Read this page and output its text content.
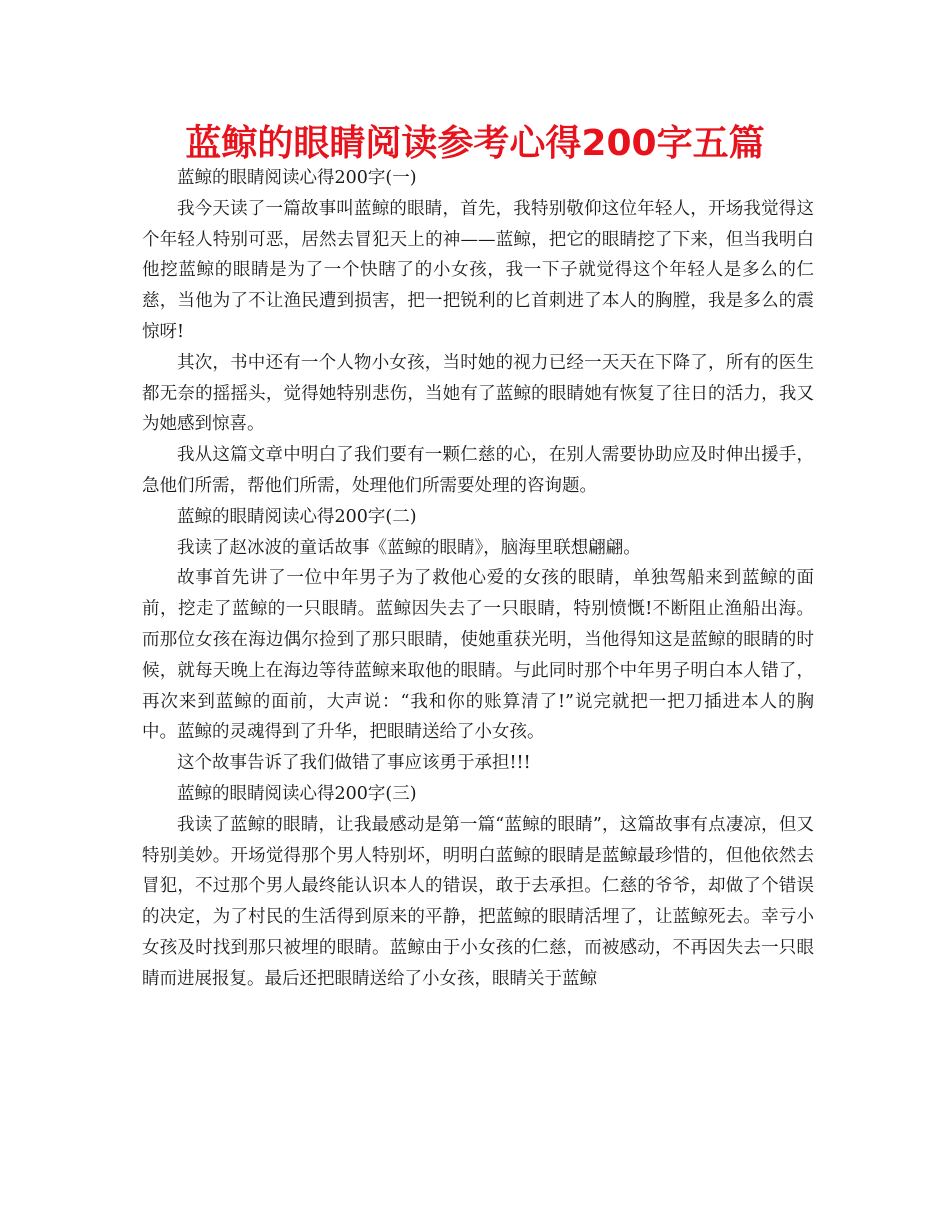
蓝鲸的眼睛阅读参考心得200字五篇

蓝鲸的眼睛阅读心得200字(一)

我今天读了一篇故事叫蓝鲸的眼睛，首先，我特别敬仰这位年轻人，开场我觉得这个年轻人特别可恶，居然去冒犯天上的神——蓝鲸，把它的眼睛挖了下来，但当我明白他挖蓝鲸的眼睛是为了一个快瞎了的小女孩，我一下子就觉得这个年轻人是多么的仁慈，当他为了不让渔民遭到损害，把一把锐利的匕首刺进了本人的胸膛，我是多么的震惊呀!

其次，书中还有一个人物小女孩，当时她的视力已经一天天在下降了，所有的医生都无奈的摇摇头，觉得她特别悲伤，当她有了蓝鲸的眼睛她有恢复了往日的活力，我又为她感到惊喜。

我从这篇文章中明白了我们要有一颗仁慈的心，在别人需要协助应及时伸出援手，急他们所需，帮他们所需，处理他们所需要处理的咨询题。

蓝鲸的眼睛阅读心得200字(二)

我读了赵冰波的童话故事《蓝鲸的眼睛》，脑海里联想翩翩。

故事首先讲了一位中年男子为了救他心爱的女孩的眼睛，单独驾船来到蓝鲸的面前，挖走了蓝鲸的一只眼睛。蓝鲸因失去了一只眼睛，特别愤慨!不断阻止渔船出海。而那位女孩在海边偶尔捡到了那只眼睛，使她重获光明，当他得知这是蓝鲸的眼睛的时候，就每天晚上在海边等待蓝鲸来取他的眼睛。与此同时那个中年男子明白本人错了，再次来到蓝鲸的面前，大声说：“我和你的账算清了!”说完就把一把刀插进本人的胸中。蓝鲸的灵魂得到了升华，把眼睛送给了小女孩。

这个故事告诉了我们做错了事应该勇于承担!!!

蓝鲸的眼睛阅读心得200字(三)

我读了蓝鲸的眼睛，让我最感动是第一篇“蓝鲸的眼睛”，这篇故事有点凄凉，但又特别美妙。开场觉得那个男人特别坏，明明白蓝鲸的眼睛是蓝鲸最珍惜的，但他依然去冒犯，不过那个男人最终能认识本人的错误，敢于去承担。仁慈的爷爷，却做了个错误的决定，为了村民的生活得到原来的平静，把蓝鲸的眼睛活埋了，让蓝鲸死去。幸亏小女孩及时找到那只被埋的眼睛。蓝鲸由于小女孩的仁慈，而被感动，不再因失去一只眼睛而进展报复。最后还把眼睛送给了小女孩，眼睛关于蓝鲸
